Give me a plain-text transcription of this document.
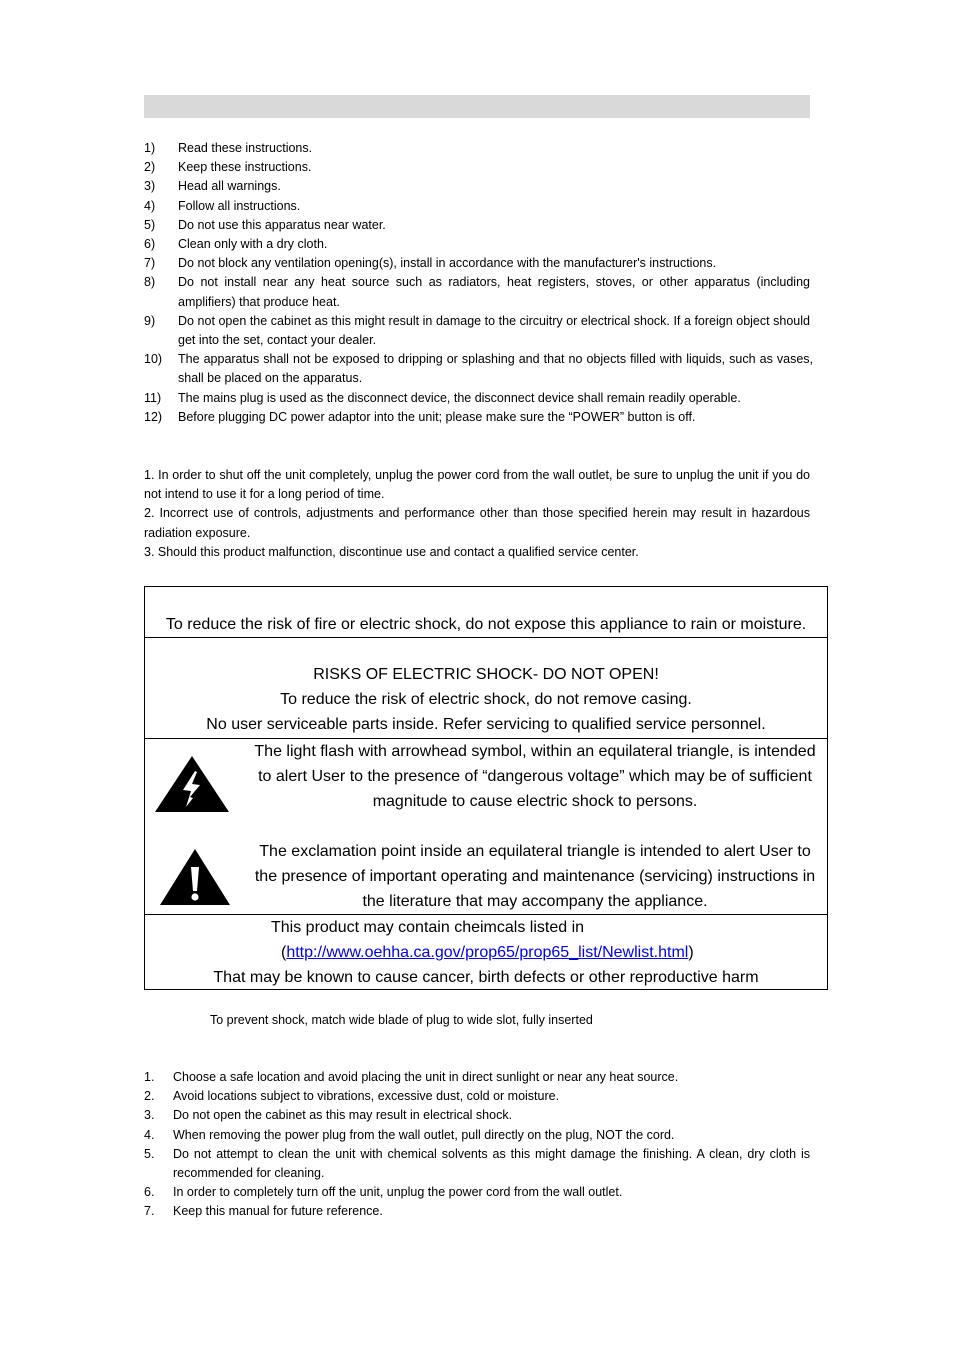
1) Read these instructions.
2) Keep these instructions.
3) Head all warnings.
4) Follow all instructions.
5) Do not use this apparatus near water.
6) Clean only with a dry cloth.
7) Do not block any ventilation opening(s), install in accordance with the manufacturer's instructions.
8) Do not install near any heat source such as radiators, heat registers, stoves, or other apparatus (including amplifiers) that produce heat.
9) Do not open the cabinet as this might result in damage to the circuitry or electrical shock. If a foreign object should get into the set, contact your dealer.
10) The apparatus shall not be exposed to dripping or splashing and that no objects filled with liquids, such as vases, shall be placed on the apparatus.
11) The mains plug is used as the disconnect device, the disconnect device shall remain readily operable.
12) Before plugging DC power adaptor into the unit; please make sure the “POWER” button is off.

1. In order to shut off the unit completely, unplug the power cord from the wall outlet, be sure to unplug the unit if you do not intend to use it for a long period of time.

2. Incorrect use of controls, adjustments and performance other than those specified herein may result in hazardous radiation exposure.

3. Should this product malfunction, discontinue use and contact a qualified service center.

To reduce the risk of fire or electric shock, do not expose this appliance to rain or moisture.
RISKS OF ELECTRIC SHOCK- DO NOT OPEN!
To reduce the risk of electric shock, do not remove casing.
No user serviceable parts inside. Refer servicing to qualified service personnel.
The light flash with arrowhead symbol, within an equilateral triangle, is intended to alert User to the presence of “dangerous voltage” which may be of sufficient magnitude to cause electric shock to persons.
The exclamation point inside an equilateral triangle is intended to alert User to the presence of important operating and maintenance (servicing) instructions in the literature that may accompany the appliance.
This product may contain cheimcals listed in
(http://www.oehha.ca.gov/prop65/prop65_list/Newlist.html)
That may be known to cause cancer, birth defects or other reproductive harm
To prevent shock, match wide blade of plug to wide slot, fully inserted
1. Choose a safe location and avoid placing the unit in direct sunlight or near any heat source.
2. Avoid locations subject to vibrations, excessive dust, cold or moisture.
3. Do not open the cabinet as this may result in electrical shock.
4. When removing the power plug from the wall outlet, pull directly on the plug, NOT the cord.
5. Do not attempt to clean the unit with chemical solvents as this might damage the finishing. A clean, dry cloth is recommended for cleaning.
6. In order to completely turn off the unit, unplug the power cord from the wall outlet.
7. Keep this manual for future reference.
